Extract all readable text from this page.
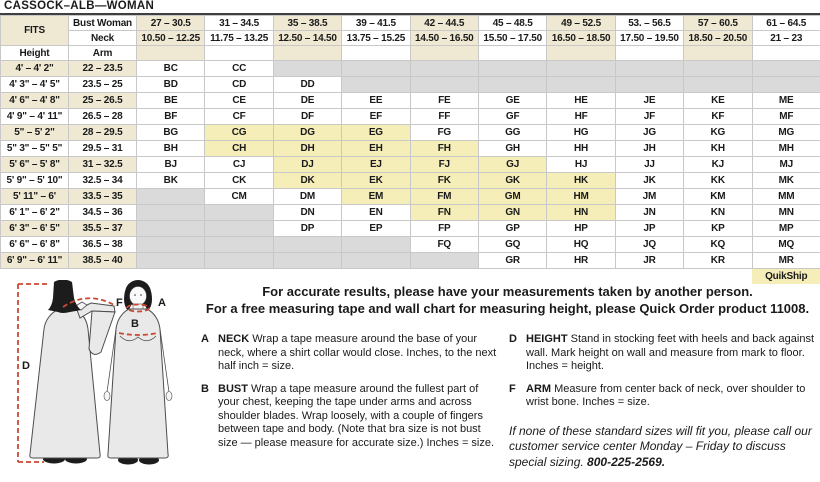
CASSOCK–ALB—WOMAN
FITS	Bust Woman	27 – 30.5	31 – 34.5	35 – 38.5	39 – 41.5	42 – 44.5	45 – 48.5	49 – 52.5	53. – 56.5	57 – 60.5	61 – 64.5
	Neck	10.50 – 12.25	11.75 – 13.25	12.50 – 14.50	13.75 – 15.25	14.50 – 16.50	15.50 – 17.50	16.50 – 18.50	17.50 – 19.50	18.50 – 20.50	21 – 23
Height	Arm										
4' – 4' 2"	22 – 23.5	BC	CC								
4' 3" – 4' 5"	23.5 – 25	BD	CD	DD							
4' 6" – 4' 8"	25 – 26.5	BE	CE	DE	EE	FE	GE	HE	JE	KE	ME
4' 9" – 4' 11"	26.5 – 28	BF	CF	DF	EF	FF	GF	HF	JF	KF	MF
5" – 5' 2"	28 – 29.5	BG	CG	DG	EG	FG	GG	HG	JG	KG	MG
5" 3" – 5" 5"	29.5 – 31	BH	CH	DH	EH	FH	GH	HH	JH	KH	MH
5' 6" – 5' 8"	31 – 32.5	BJ	CJ	DJ	EJ	FJ	GJ	HJ	JJ	KJ	MJ
5' 9" – 5' 10"	32.5 – 34	BK	CK	DK	EK	FK	GK	HK	JK	KK	MK
5' 11" – 6'	33.5 – 35		CM	DM	EM	FM	GM	HM	JM	KM	MM
6' 1" – 6' 2"	34.5 – 36			DN	EN	FN	GN	HN	JN	KN	MN
6' 3" – 6' 5"	35.5 – 37			DP	EP	FP	GP	HP	JP	KP	MP
6' 6" – 6' 8"	36.5 – 38					FQ	GQ	HQ	JQ	KQ	MQ
6' 9" – 6' 11"	38.5 – 40						GR	HR	JR	KR	MR
											QuikShip
F	A
B
D
For accurate results, please have your measurements taken by another person.
For a free measuring tape and wall chart for measuring height, please Quick Order product 11008.
A NECK Wrap a tape measure around the base of your neck, where a shirt collar would close. Inches, to the next half inch = size.
B BUST Wrap a tape measure around the fullest part of your chest, keeping the tape under arms and across shoulder blades. Wrap loosely, with a couple of fingers between tape and body. (Note that bra size is not bust size — please measure for accurate size.) Inches = size.
D HEIGHT Stand in stocking feet with heels and back against wall. Mark height on wall and measure from mark to floor. Inches = height.
F ARM Measure from center back of neck, over shoulder to wrist bone. Inches = size.
If none of these standard sizes will fit you, please call our customer service center Monday – Friday to discuss special sizing. 800-225-2569.
